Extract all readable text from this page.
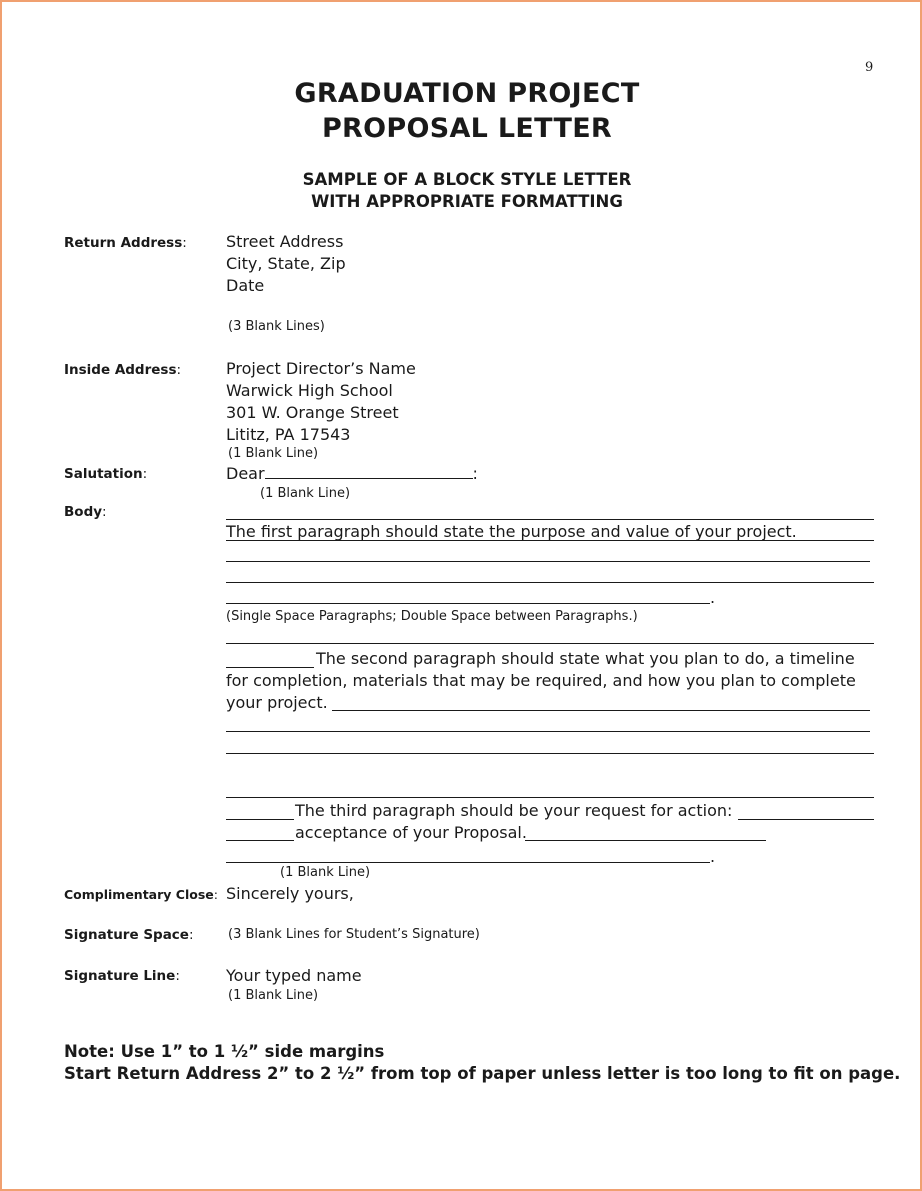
9
GRADUATION PROJECT
PROPOSAL LETTER
SAMPLE OF A BLOCK STYLE LETTER
WITH APPROPRIATE FORMATTING
Return Address: Street Address
City, State, Zip
Date
(3 Blank Lines)
Inside Address:	Project Director’s Name
Warwick High School
301 W. Orange Street
Lititz, PA 17543
(1 Blank Line)
Salutation:	Dear	:
(1 Blank Line)
Body:
The first paragraph should state the purpose and value of your project.
.
(Single Space Paragraphs; Double Space between Paragraphs.)
The second paragraph should state what you plan to do, a timeline
for completion, materials that may be required, and how you plan to complete
your project.
The third paragraph should be your request for action:
acceptance of your Proposal.
.
(1 Blank Line)
Complimentary Close: Sincerely yours,
Signature Space:	(3 Blank Lines for Student’s Signature)
Signature Line:	Your typed name
(1 Blank Line)
Note: Use 1” to 1 ½” side margins
Start Return Address 2” to 2 ½” from top of paper unless letter is too long to fit on page.
